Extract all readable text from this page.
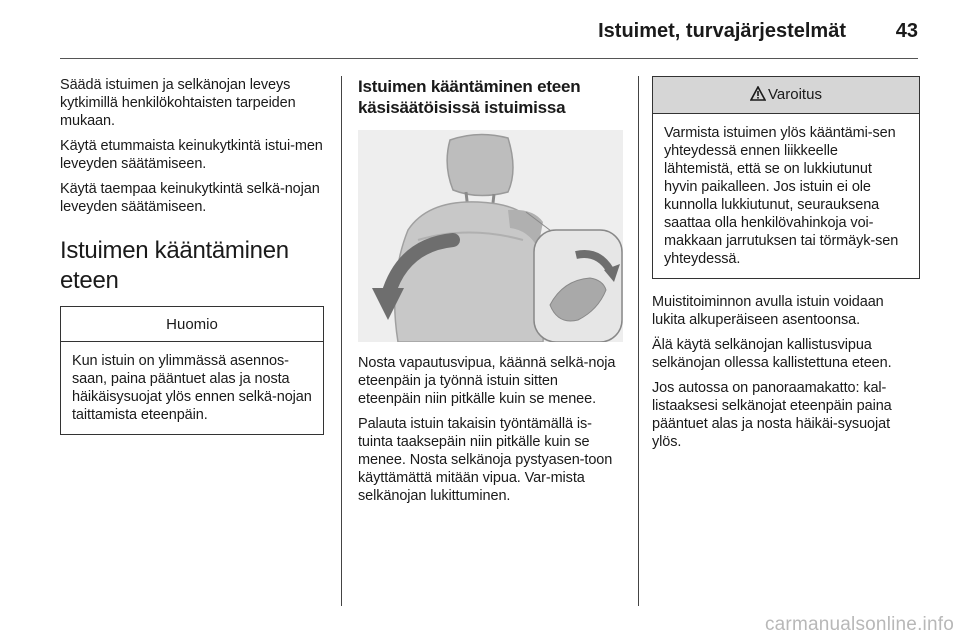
Istuimet, turvajärjestelmät 43

Säädä istuimen ja selkänojan leveys kytkimillä henkilökohtaisten tarpeiden mukaan.

Käytä etummaista keinukytkintä istui-men leveyden säätämiseen.

Käytä taempaa keinukytkintä selkä-nojan leveyden säätämiseen.

Istuimen kääntäminen eteen
Huomio

Kun istuin on ylimmässä asennos-saan, paina pääntuet alas ja nosta häikäisysuojat ylös ennen selkä-nojan taittamista eteenpäin.

Istuimen kääntäminen eteen käsisäätöisissä istuimissa

Nosta vapautusvipua, käännä selkä-noja eteenpäin ja työnnä istuin sitten eteenpäin niin pitkälle kuin se menee.

Palauta istuin takaisin työntämällä is-tuinta taaksepäin niin pitkälle kuin se menee. Nosta selkänoja pystyasen-toon käyttämättä mitään vipua. Var-mista selkänojan lukittuminen.

Varoitus

Varmista istuimen ylös kääntämi-sen yhteydessä ennen liikkeelle lähtemistä, että se on lukkiutunut hyvin paikalleen. Jos istuin ei ole kunnolla lukkiutunut, seurauksena saattaa olla henkilövahinkoja voi-makkaan jarrutuksen tai törmäyk-sen yhteydessä.

Muistitoiminnon avulla istuin voidaan lukita alkuperäiseen asentoonsa.

Älä käytä selkänojan kallistusvipua selkänojan ollessa kallistettuna eteen.

Jos autossa on panoraamakatto: kal-listaaksesi selkänojat eteenpäin paina pääntuet alas ja nosta häikäi-sysuojat ylös.

carmanualsonline.info
